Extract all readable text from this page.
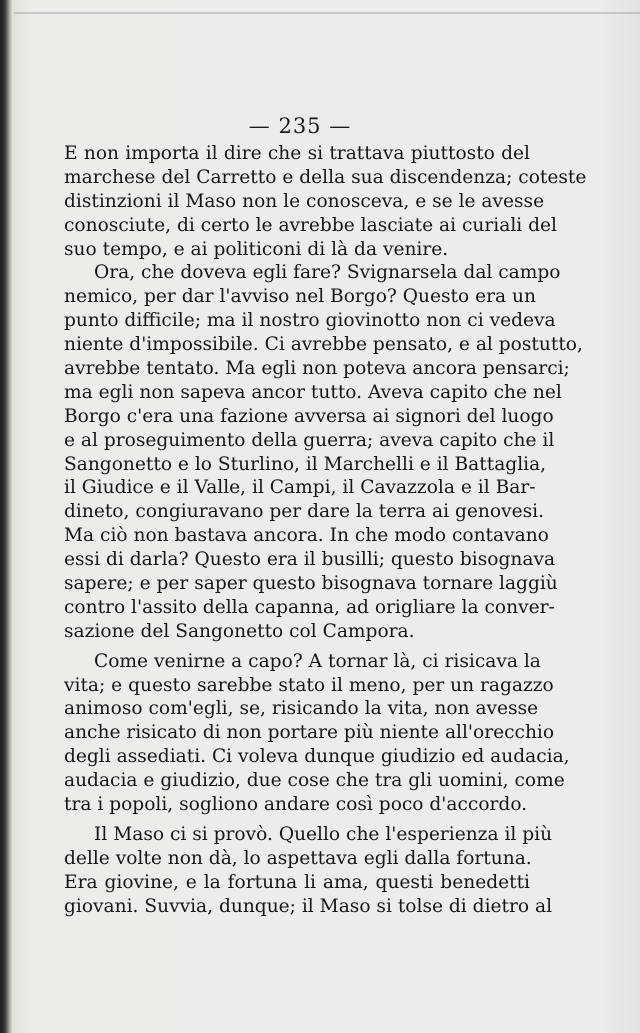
— 235 —
E non importa il dire che si trattava piuttosto del
marchese del Carretto e della sua discendenza; coteste
distinzioni il Maso non le conosceva, e se le avesse
conosciute, di certo le avrebbe lasciate ai curiali del
suo tempo, e ai politiconi di là da venire.
Ora, che doveva egli fare? Svignarsela dal campo
nemico, per dar l'avviso nel Borgo? Questo era un
punto difficile; ma il nostro giovinotto non ci vedeva
niente d'impossibile. Ci avrebbe pensato, e al postutto,
avrebbe tentato. Ma egli non poteva ancora pensarci;
ma egli non sapeva ancor tutto. Aveva capito che nel
Borgo c'era una fazione avversa ai signori del luogo
e al proseguimento della guerra; aveva capito che il
Sangonetto e lo Sturlino, il Marchelli e il Battaglia,
il Giudice e il Valle, il Campi, il Cavazzola e il Bar-
dineto, congiuravano per dare la terra ai genovesi.
Ma ciò non bastava ancora. In che modo contavano
essi di darla? Questo era il busilli; questo bisognava
sapere; e per saper questo bisognava tornare laggiù
contro l'assito della capanna, ad origliare la conver-
sazione del Sangonetto col Campora.
Come venirne a capo? A tornar là, ci risicava la
vita; e questo sarebbe stato il meno, per un ragazzo
animoso com'egli, se, risicando la vita, non avesse
anche risicato di non portare più niente all'orecchio
degli assediati. Ci voleva dunque giudizio ed audacia,
audacia e giudizio, due cose che tra gli uomini, come
tra i popoli, sogliono andare così poco d'accordo.
Il Maso ci si provò. Quello che l'esperienza il più
delle volte non dà, lo aspettava egli dalla fortuna.
Era giovine, e la fortuna li ama, questi benedetti
giovani. Suvvia, dunque; il Maso si tolse di dietro al
